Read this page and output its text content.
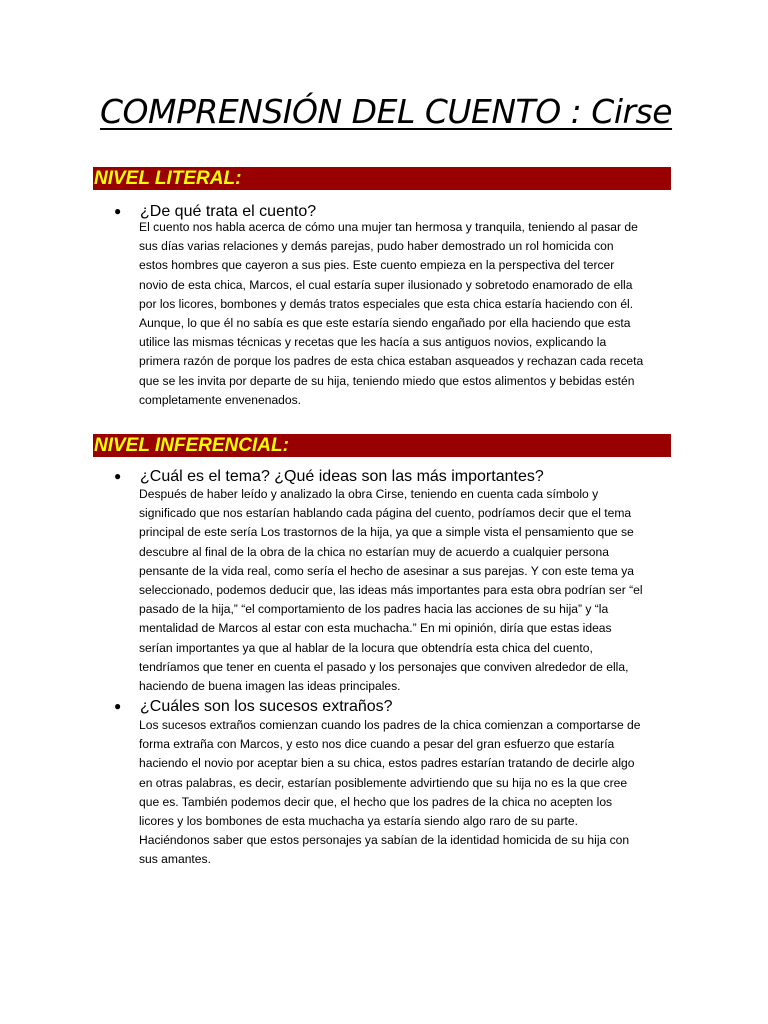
COMPRENSIÓN DEL CUENTO : Cirse
NIVEL LITERAL:
● ¿De qué trata el cuento?

El cuento nos habla acerca de cómo una mujer tan hermosa y tranquila, teniendo al pasar de
sus días varias relaciones y demás parejas, pudo haber demostrado un rol homicida con
estos hombres que cayeron a sus pies. Este cuento empieza en la perspectiva del tercer
novio de esta chica, Marcos, el cual estaría super ilusionado y sobretodo enamorado de ella
por los licores, bombones y demás tratos especiales que esta chica estaría haciendo con él.
Aunque, lo que él no sabía es que este estaría siendo engañado por ella haciendo que esta
utilice las mismas técnicas y recetas que les hacía a sus antiguos novios, explicando la
primera razón de porque los padres de esta chica estaban asqueados y rechazan cada receta
que se les invita por departe de su hija, teniendo miedo que estos alimentos y bebidas estén
completamente envenenados.

NIVEL INFERENCIAL:
● ¿Cuál es el tema? ¿Qué ideas son las más importantes?

Después de haber leído y analizado la obra Cirse, teniendo en cuenta cada símbolo y
significado que nos estarían hablando cada página del cuento, podríamos decir que el tema
principal de este sería Los trastornos de la hija, ya que a simple vista el pensamiento que se
descubre al final de la obra de la chica no estarían muy de acuerdo a cualquier persona
pensante de la vida real, como sería el hecho de asesinar a sus parejas. Y con este tema ya
seleccionado, podemos deducir que, las ideas más importantes para esta obra podrían ser “el
pasado de la hija,” “el comportamiento de los padres hacia las acciones de su hija” y “la
mentalidad de Marcos al estar con esta muchacha.” En mi opinión, diría que estas ideas
serían importantes ya que al hablar de la locura que obtendría esta chica del cuento,
tendríamos que tener en cuenta el pasado y los personajes que conviven alrededor de ella,
haciendo de buena imagen las ideas principales.

● ¿Cuáles son los sucesos extraños?

Los sucesos extraños comienzan cuando los padres de la chica comienzan a comportarse de
forma extraña con Marcos, y esto nos dice cuando a pesar del gran esfuerzo que estaría
haciendo el novio por aceptar bien a su chica, estos padres estarían tratando de decirle algo
en otras palabras, es decir, estarían posiblemente advirtiendo que su hija no es la que cree
que es. También podemos decir que, el hecho que los padres de la chica no acepten los
licores y los bombones de esta muchacha ya estaría siendo algo raro de su parte.
Haciéndonos saber que estos personajes ya sabían de la identidad homicida de su hija con
sus amantes.
